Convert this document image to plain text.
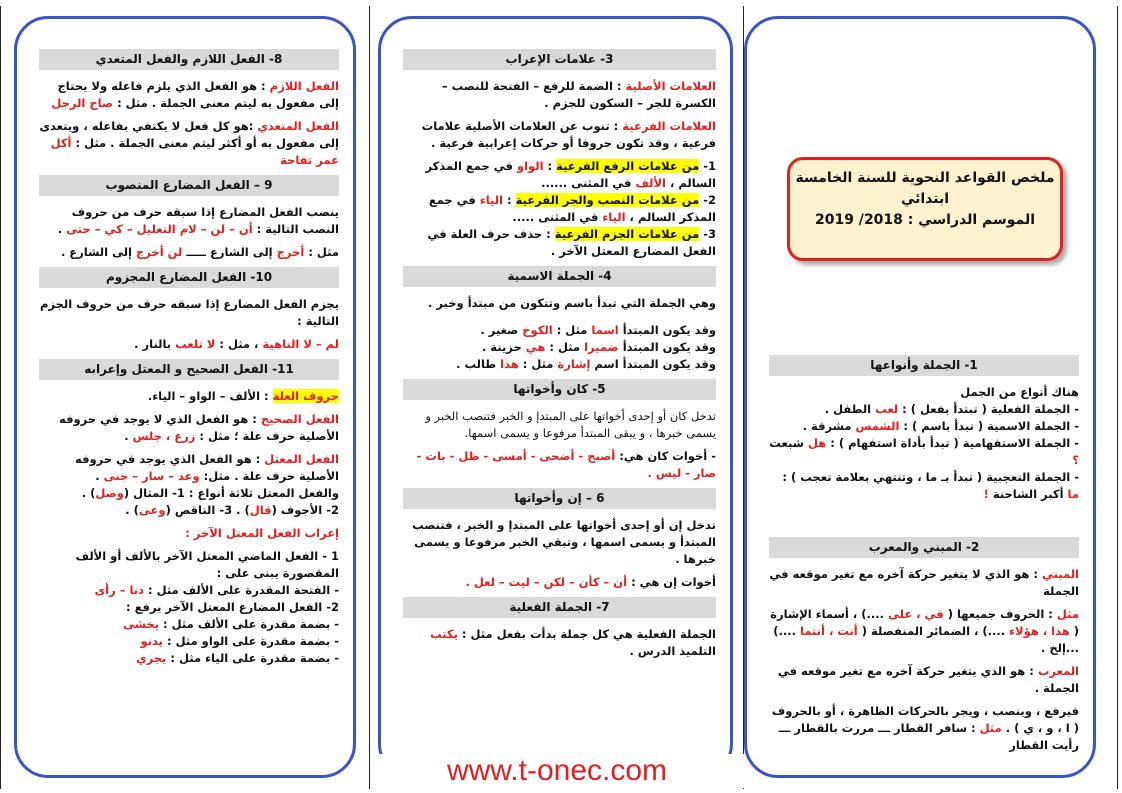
8- الفعل اللازم والفعل المتعدي

الفعل اللازم : هو الفعل الذي يلزم فاعله ولا يحتاج إلى مفعول به ليتم معنى الجملة . مثل : صاح الرجل

الفعل المتعدي :هو كل فعل لا يكتفي بفاعله ، ويتعدى إلى مفعول به أو أكثر ليتم معنى الجملة . مثل : أكل عمر تفاحة

9 – الفعل المضارع المنصوب

ينصب الفعل المضارع إذا سبقه حرف من حروف النصب التالية : أن – لن – لام التعليل – كي – حتى .

مثل : أخرج إلى الشارع ـــــ لن أخرج إلى الشارع .

10- الفعل المضارع المجزوم

يجزم الفعل المضارع إذا سبقه حرف من حروف الجزم التالية :

لم – لا الناهية ، مثل : لا تلعب بالنار .

11- الفعل الصحيح و المعتل وإعرابه

حروف العلة : الألف – الواو – الياء.

الفعل الصحيح : هو الفعل الذي لا يوجد في حروفه الأصلية حرف علة ؛ مثل : زرع ، جلس .

الفعل المعتل : هو الفعل الذي يوجد في حروفه الأصلية حرف علة . مثل: وعد – سار – جنى .

والفعل المعتل ثلاثة أنواع : 1- المثال (وصل) .

2- الأجوف (قال) . 3- الناقص (وعى) .

إعراب الفعل المعتل الآخر :

1 - الفعل الماضي المعتل الآخر بالألف أو الألف المقصورة يبنى على :

- الفتحة المقدرة على الألف مثل : دنا – رأى

2- الفعل المضارع المعتل الآخر يرفع :

- بضمة مقدرة على الألف مثل : يخشى

- بضمة مقدرة على الواو مثل : يدنو

- بضمة مقدرة على الياء مثل : يجري

3- علامات الإعراب

العلامات الأصلية : الضمة للرفع – الفتحة للنصب – الكسرة للجر – السكون للجزم .

العلامات الفرعية : تنوب عن العلامات الأصلية علامات فرعية ، وقد تكون حروفا أو حركات إعرابية فرعية .

1- من علامات الرفع الفرعية : الواو في جمع المذكر السالم ، الألف في المثنى ......

2- من علامات النصب والجر الفرعية : الياء في جمع المذكر السالم ، الياء في المثنى .....

3- من علامات الجزم الفرعية : حذف حرف العلة في الفعل المضارع المعتل الآخر .

4- الجملة الاسمية

وهي الجملة التي تبدأ باسم وتتكون من مبتدأ وخبر .

وقد يكون المبتدأ اسما مثل : الكوخ صغير .

وقد يكون المبتدأ ضميرا مثل : هي حزينة .

وقد يكون المبتدأ اسم إشارة مثل : هذا طالب .

5- كان وأخواتها

تدخل كان أو إحدى أخواتها على المبتدإ و الخبر فتنصب الخبر و يسمى خبرها ، و يبقى المبتدأ مرفوعا و يسمى اسمها.

- أخوات كان هي: أصبح - أضحى - أمسى - ظل - بات - صار - ليس .

6 – إن وأخواتها

تدخل إن أو إحدى أخواتها على المبتدإ و الخبر ، فتنصب المبتدأ و يسمى اسمها ، وتبقي الخبر مرفوعا و يسمى خبرها .

أخوات إن هي : أن – كأن – لكن – ليت – لعل .

7- الجملة الفعلية

الجملة الفعلية هي كل جملة بدأت بفعل مثل : يكتب التلميذ الدرس .

ملخص القواعد النحوية للسنة الخامسة
ابتدائي
الموسم الدراسي : 2018/ 2019
1- الجملة وأنواعها

هناك أنواع من الجمل

- الجملة الفعلية ( تبتدأ بفعل ) : لعب الطفل .

- الجملة الاسمية ( تبدأ باسم ) : الشمس مشرقة .

- الجملة الاستفهامية ( تبدأ بأداة استفهام ) : هل شبعت ؟

- الجملة التعجبية ( تبدأ بـ ما ، وتنتهي بعلامة تعجب ) : ما أكبر الشاحنة !

2- المبني والمعرب

المبني : هو الذي لا يتغير حركة آخره مع تغير موقعه في الجملة

مثل : الحروف جميعها ( في ، على ....) ، أسماء الإشارة ( هذا ، هؤلاء ....) ، الضمائر المنفصلة ( أنت ، أنتما ....) ...إلخ .

المعرب : هو الذي يتغير حركة آخره مع تغير موقعه في الجملة .

فيرفع ، وينصب ، ويجر بالحركات الظاهرة ، أو بالحروف ( ا ، و ، ي ) . مثل : سافر القطار ـــ مررت بالقطار ـــ رأيت القطار

www.t-onec.com
